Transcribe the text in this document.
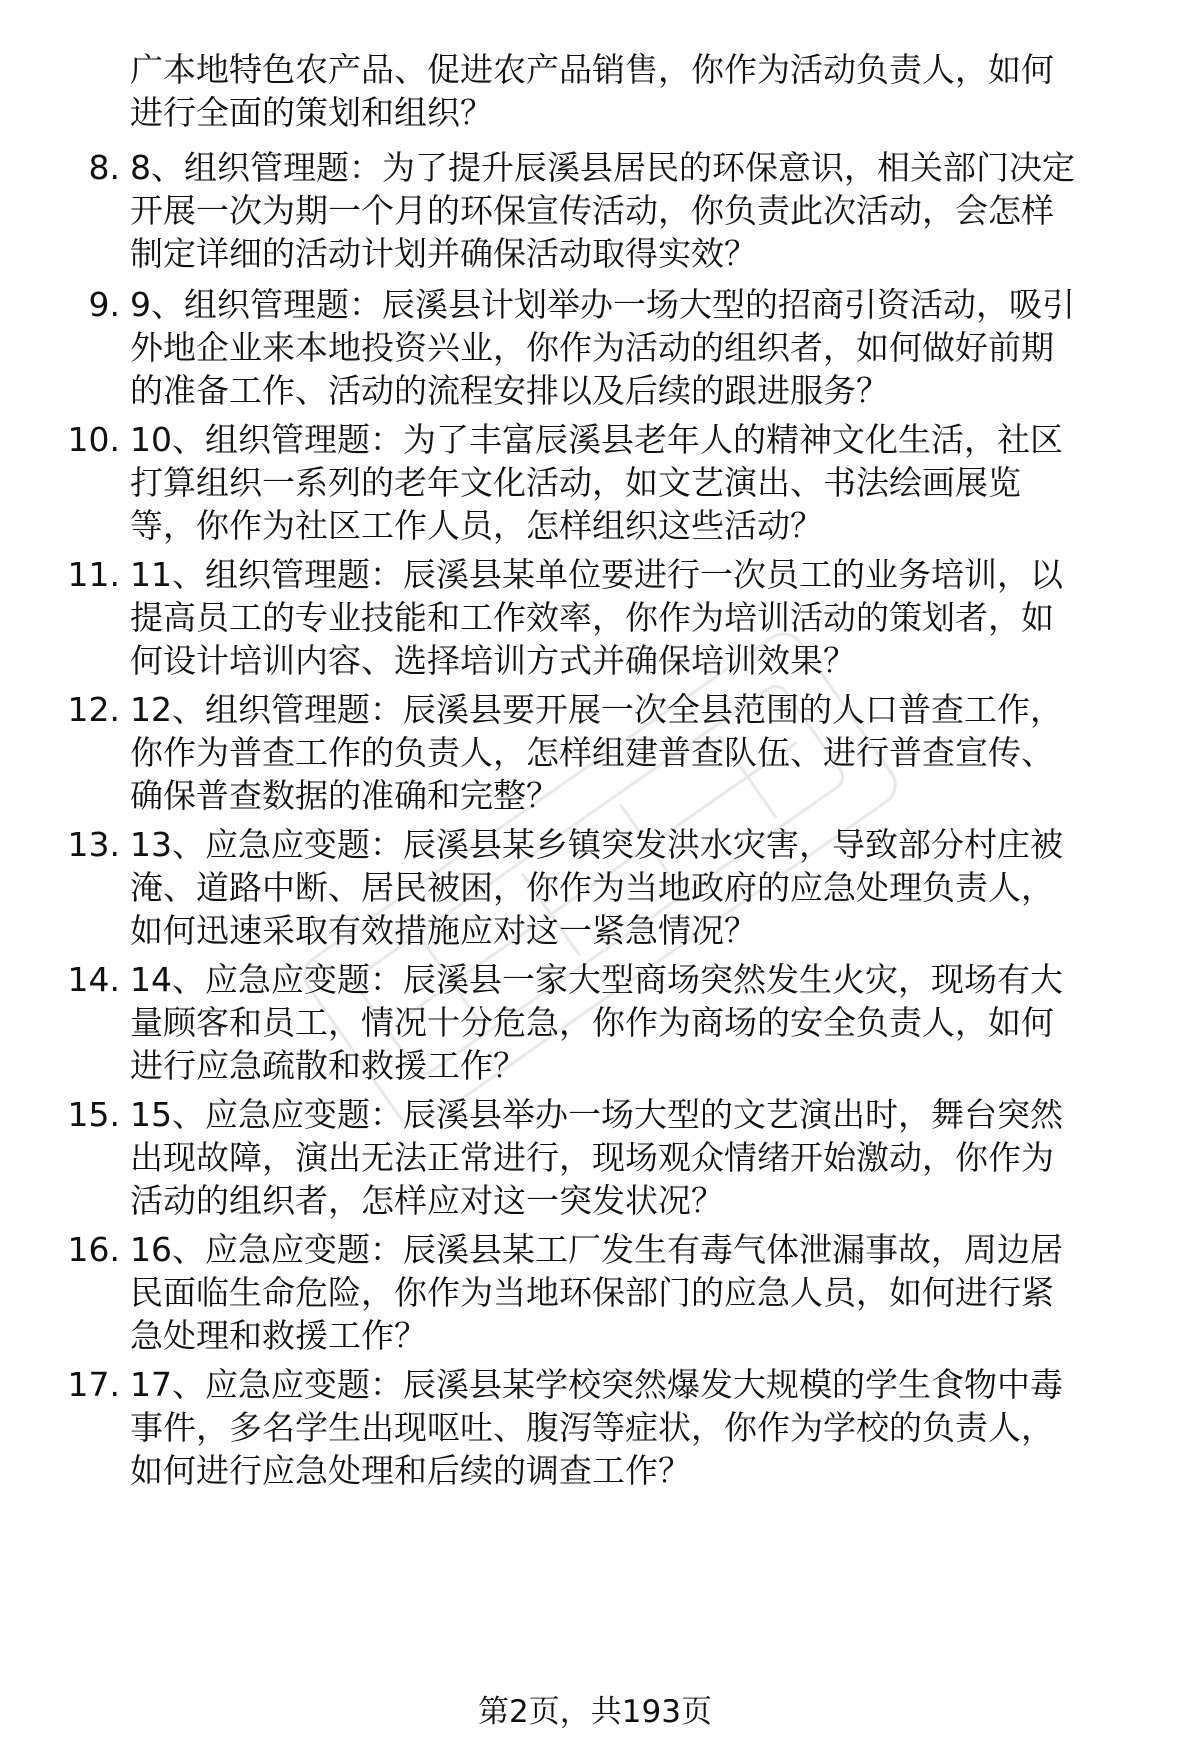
广本地特色农产品、促进农产品销售，你作为活动负责人，如何
进行全面的策划和组织？
8. 8、组织管理题：为了提升辰溪县居民的环保意识，相关部门决定
开展一次为期一个月的环保宣传活动，你负责此次活动，会怎样
制定详细的活动计划并确保活动取得实效？
9. 9、组织管理题：辰溪县计划举办一场大型的招商引资活动，吸引
外地企业来本地投资兴业，你作为活动的组织者，如何做好前期
的准备工作、活动的流程安排以及后续的跟进服务？
10. 10、组织管理题：为了丰富辰溪县老年人的精神文化生活，社区
打算组织一系列的老年文化活动，如文艺演出、书法绘画展览
等，你作为社区工作人员，怎样组织这些活动？
11. 11、组织管理题：辰溪县某单位要进行一次员工的业务培训，以
提高员工的专业技能和工作效率，你作为培训活动的策划者，如
何设计培训内容、选择培训方式并确保培训效果？
12. 12、组织管理题：辰溪县要开展一次全县范围的人口普查工作，
你作为普查工作的负责人，怎样组建普查队伍、进行普查宣传、
确保普查数据的准确和完整？
13. 13、应急应变题：辰溪县某乡镇突发洪水灾害，导致部分村庄被
淹、道路中断、居民被困，你作为当地政府的应急处理负责人，
如何迅速采取有效措施应对这一紧急情况？
14. 14、应急应变题：辰溪县一家大型商场突然发生火灾，现场有大
量顾客和员工，情况十分危急，你作为商场的安全负责人，如何
进行应急疏散和救援工作？
15. 15、应急应变题：辰溪县举办一场大型的文艺演出时，舞台突然
出现故障，演出无法正常进行，现场观众情绪开始激动，你作为
活动的组织者，怎样应对这一突发状况？
16. 16、应急应变题：辰溪县某工厂发生有毒气体泄漏事故，周边居
民面临生命危险，你作为当地环保部门的应急人员，如何进行紧
急处理和救援工作？
17. 17、应急应变题：辰溪县某学校突然爆发大规模的学生食物中毒
事件，多名学生出现呕吐、腹泻等症状，你作为学校的负责人，
如何进行应急处理和后续的调查工作？
第2页，共193页
